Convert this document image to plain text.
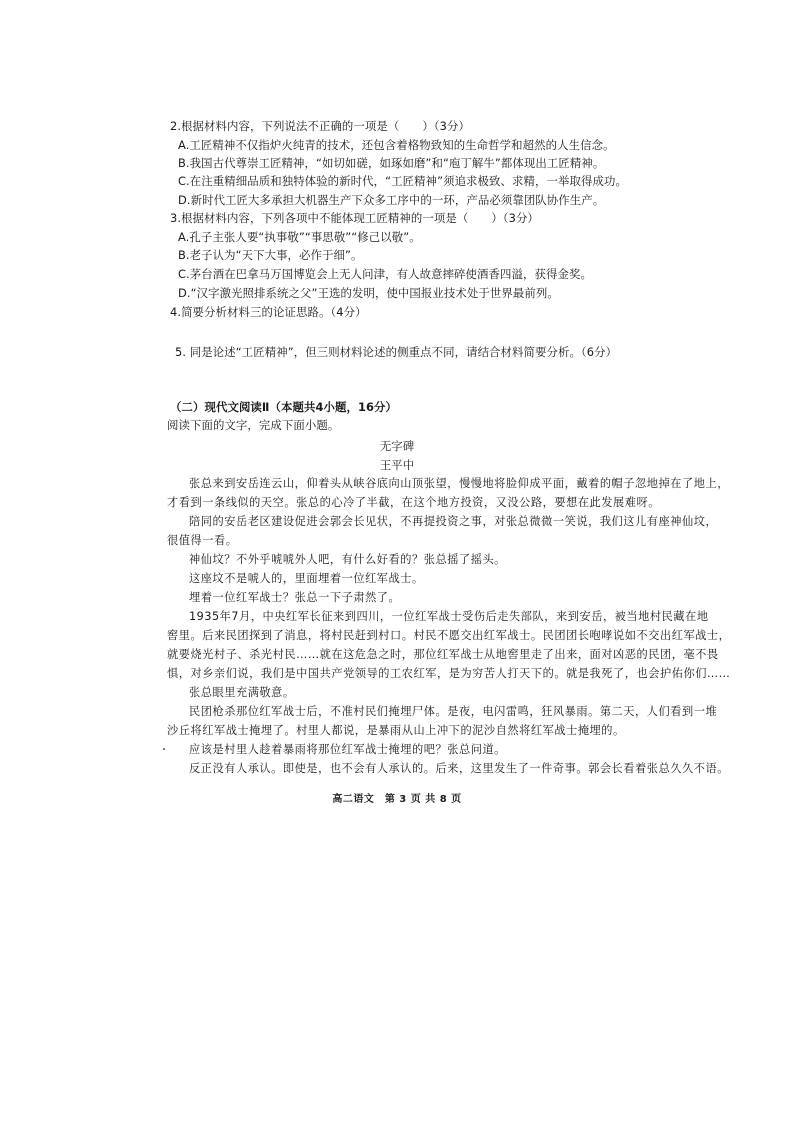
2.根据材料内容，下列说法不正确的一项是（　　）（3分）
A.工匠精神不仅指炉火纯青的技术，还包含着格物致知的生命哲学和超然的人生信念。
B.我国古代尊崇工匠精神，“如切如磋，如琢如磨”和“庖丁解牛”都体现出工匠精神。
C.在注重精细品质和独特体验的新时代，“工匠精神”须追求极致、求精，一举取得成功。
D.新时代工匠大多承担大机器生产下众多工序中的一环，产品必须靠团队协作生产。
3.根据材料内容，下列各项中不能体现工匠精神的一项是（　　）（3分）
A.孔子主张人要“执事敬”“事思敬”“修己以敬”。
B.老子认为“天下大事，必作于细”。
C.茅台酒在巴拿马万国博览会上无人问津，有人故意摔碎使酒香四溢，获得金奖。
D.“汉字激光照排系统之父”王选的发明，使中国报业技术处于世界最前列。
4.简要分析材料三的论证思路。（4分）
5. 同是论述“工匠精神”，但三则材料论述的侧重点不同，请结合材料简要分析。（6分）
（二）现代文阅读Ⅱ（本题共4小题，16分）
阅读下面的文字，完成下面小题。
无字碑
王平中
张总来到安岳连云山，仰着头从峡谷底向山顶张望，慢慢地将脸仰成平面，戴着的帽子忽地掉在了地上，
才看到一条线似的天空。张总的心冷了半截，在这个地方投资，又没公路，要想在此发展难呀。
陪同的安岳老区建设促进会郭会长见状，不再提投资之事，对张总微微一笑说，我们这儿有座神仙坟，
很值得一看。
神仙坟？不外乎唬唬外人吧，有什么好看的？张总摇了摇头。
这座坟不是唬人的，里面埋着一位红军战士。
埋着一位红军战士？张总一下子肃然了。
1935年7月，中央红军长征来到四川，一位红军战士受伤后走失部队，来到安岳，被当地村民藏在地
窖里。后来民团探到了消息，将村民赶到村口。村民不愿交出红军战士。民团团长咆哮说如不交出红军战士，
就要烧光村子、杀光村民……就在这危急之时，那位红军战士从地窖里走了出来，面对凶恶的民团，毫不畏
惧，对乡亲们说，我们是中国共产党领导的工农红军，是为穷苦人打天下的。就是我死了，也会护佑你们……
张总眼里充满敬意。
民团枪杀那位红军战士后，不准村民们掩埋尸体。是夜，电闪雷鸣，狂风暴雨。第二天，人们看到一堆
沙丘将红军战士掩埋了。村里人都说，是暴雨从山上冲下的泥沙自然将红军战士掩埋的。
应该是村里人趁着暴雨将那位红军战士掩埋的吧？张总问道。
反正没有人承认。即使是，也不会有人承认的。后来，这里发生了一件奇事。郭会长看着张总久久不语。
高二语文　第 3 页 共 8 页
